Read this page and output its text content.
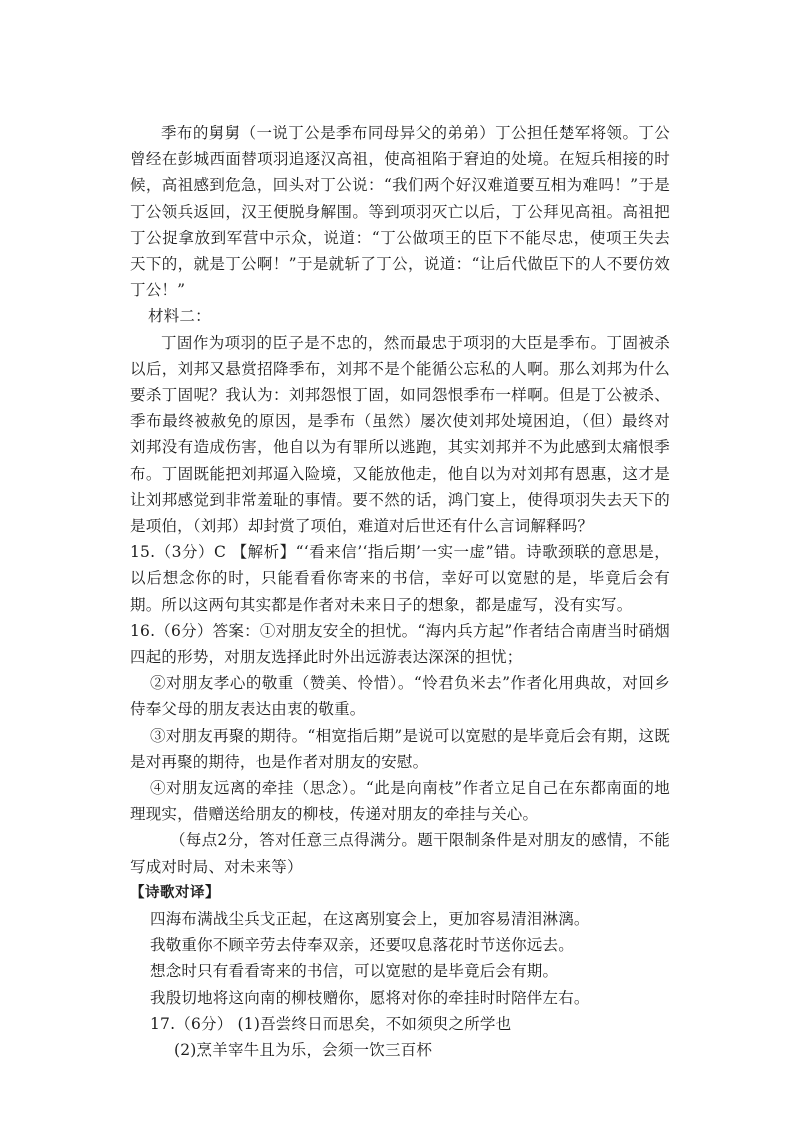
季布的舅舅（一说丁公是季布同母异父的弟弟）丁公担任楚军将领。丁公曾经在彭城西面替项羽追逐汉高祖，使高祖陷于窘迫的处境。在短兵相接的时候，高祖感到危急，回头对丁公说：“我们两个好汉难道要互相为难吗！”于是丁公领兵返回，汉王便脱身解围。等到项羽灭亡以后，丁公拜见高祖。高祖把丁公捉拿放到军营中示众，说道：“丁公做项王的臣下不能尽忠，使项王失去天下的，就是丁公啊！”于是就斩了丁公，说道：“让后代做臣下的人不要仿效丁公！”

材料二：

丁固作为项羽的臣子是不忠的，然而最忠于项羽的大臣是季布。丁固被杀以后，刘邦又悬赏招降季布，刘邦不是个能循公忘私的人啊。那么刘邦为什么要杀丁固呢？我认为：刘邦怨恨丁固，如同怨恨季布一样啊。但是丁公被杀、季布最终被赦免的原因，是季布（虽然）屡次使刘邦处境困迫，（但）最终对刘邦没有造成伤害，他自以为有罪所以逃跑，其实刘邦并不为此感到太痛恨季布。丁固既能把刘邦逼入险境，又能放他走，他自以为对刘邦有恩惠，这才是让刘邦感觉到非常羞耻的事情。要不然的话，鸿门宴上，使得项羽失去天下的是项伯，（刘邦）却封赏了项伯，难道对后世还有什么言词解释吗？

15.（3分）C 【解析】“‘看来信’‘指后期’一实一虚”错。诗歌颈联的意思是，以后想念你的时，只能看看你寄来的书信，幸好可以宽慰的是，毕竟后会有期。所以这两句其实都是作者对未来日子的想象，都是虚写，没有实写。

16.（6分）答案：①对朋友安全的担忧。“海内兵方起”作者结合南唐当时硝烟四起的形势，对朋友选择此时外出远游表达深深的担忧；

②对朋友孝心的敬重（赞美、怜惜）。“怜君负米去”作者化用典故，对回乡侍奉父母的朋友表达由衷的敬重。

③对朋友再聚的期待。“相宽指后期”是说可以宽慰的是毕竟后会有期，这既是对再聚的期待，也是作者对朋友的安慰。

④对朋友远离的牵挂（思念）。“此是向南枝”作者立足自己在东都南面的地理现实，借赠送给朋友的柳枝，传递对朋友的牵挂与关心。

（每点2分，答对任意三点得满分。题干限制条件是对朋友的感情，不能写成对时局、对未来等）

【诗歌对译】

四海布满战尘兵戈正起，在这离别宴会上，更加容易清泪淋漓。

我敬重你不顾辛劳去侍奉双亲，还要叹息落花时节送你远去。

想念时只有看看寄来的书信，可以宽慰的是毕竟后会有期。

我殷切地将这向南的柳枝赠你，愿将对你的牵挂时时陪伴左右。

17.（6分） (1)吾尝终日而思矣，不如须臾之所学也

(2)烹羊宰牛且为乐，会须一饮三百杯
